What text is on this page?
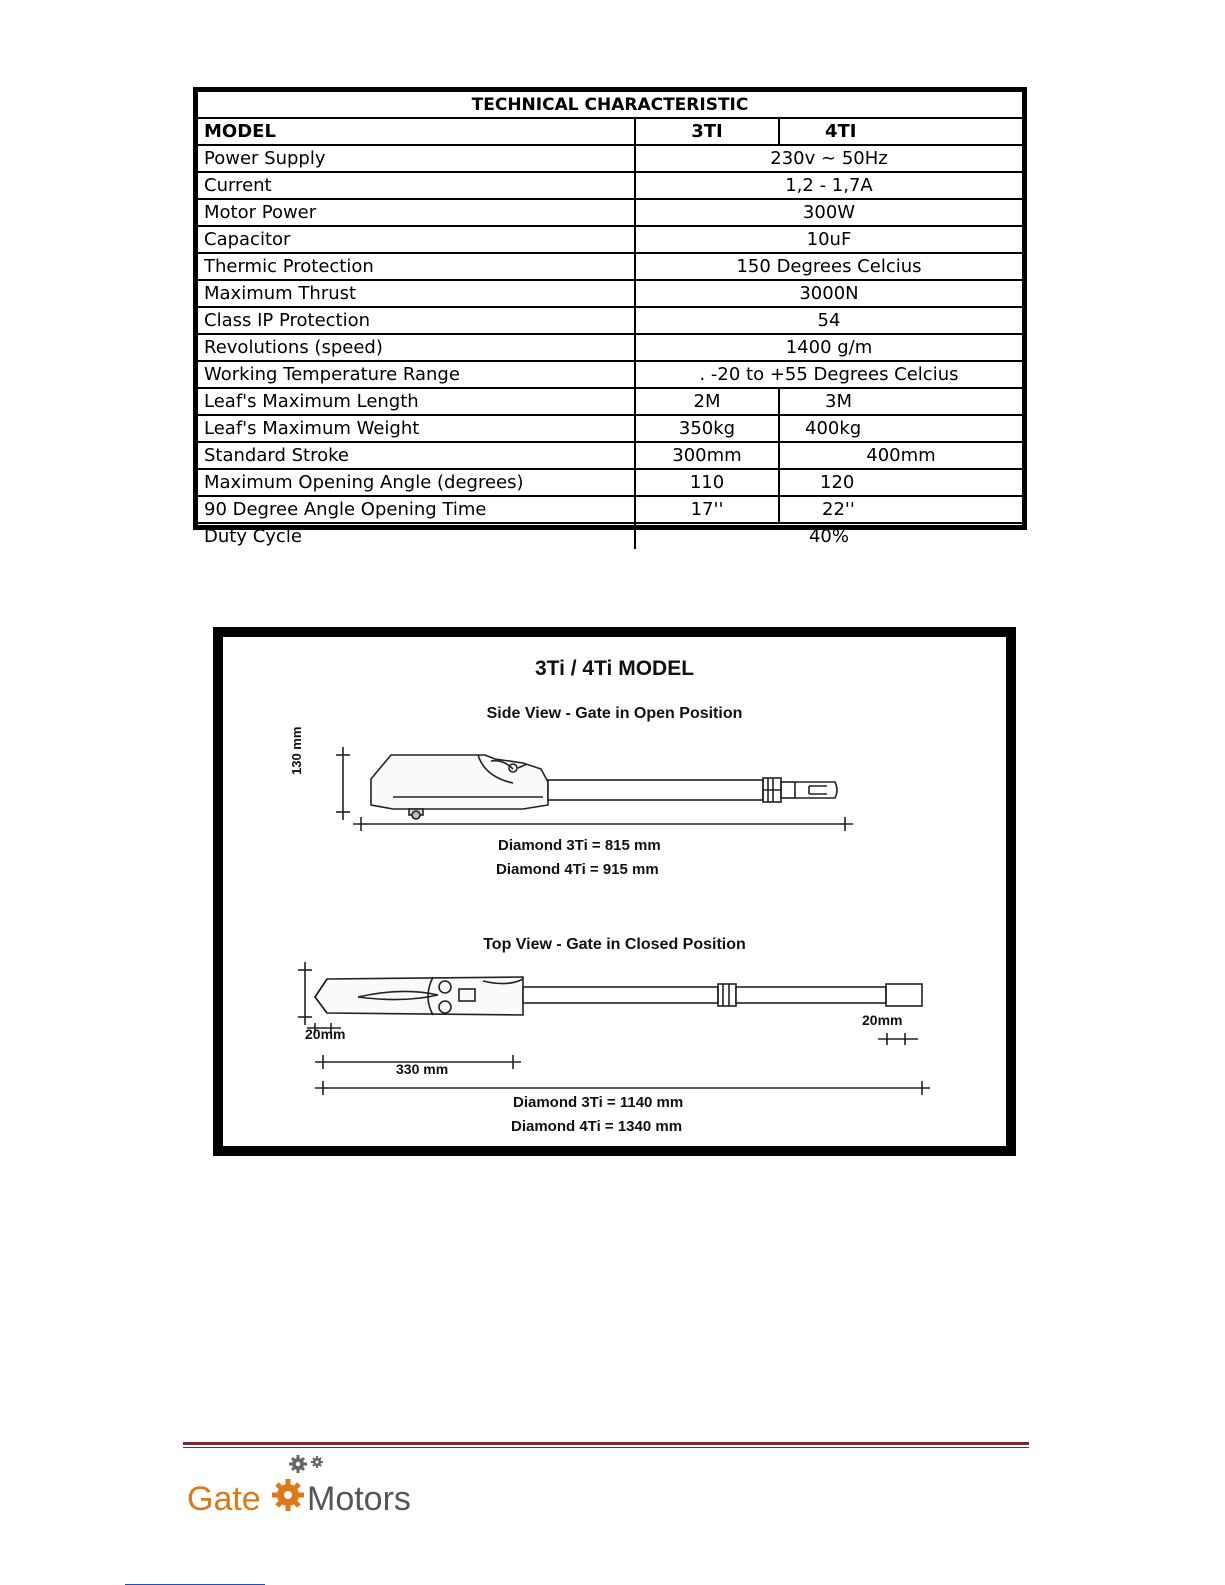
TECHNICAL CHARACTERISTIC		
MODEL	3TI	4TI
Power Supply	230v ~ 50Hz	
Current	1,2 - 1,7A	
Motor Power	300W	
Capacitor	10uF	
Thermic Protection	150 Degrees Celcius	
Maximum Thrust	3000N	
Class IP Protection	54	
Revolutions (speed)	1400 g/m	
Working Temperature Range	. -20 to +55 Degrees Celcius	
Leaf's Maximum Length	2M	3M
Leaf's Maximum Weight	350kg	400kg
Standard Stroke	300mm	400mm
Maximum Opening Angle (degrees)	110	120
90 Degree Angle Opening Time	17''	22''
Duty Cycle	40%	
3Ti / 4Ti MODEL
Side View - Gate in Open Position
130 mm
Diamond 3Ti = 815 mm
Diamond 4Ti = 915 mm
Top View - Gate in Closed Position
20mm
20mm
330 mm
Diamond 3Ti = 1140 mm
Diamond 4Ti = 1340 mm
Gate Motors
